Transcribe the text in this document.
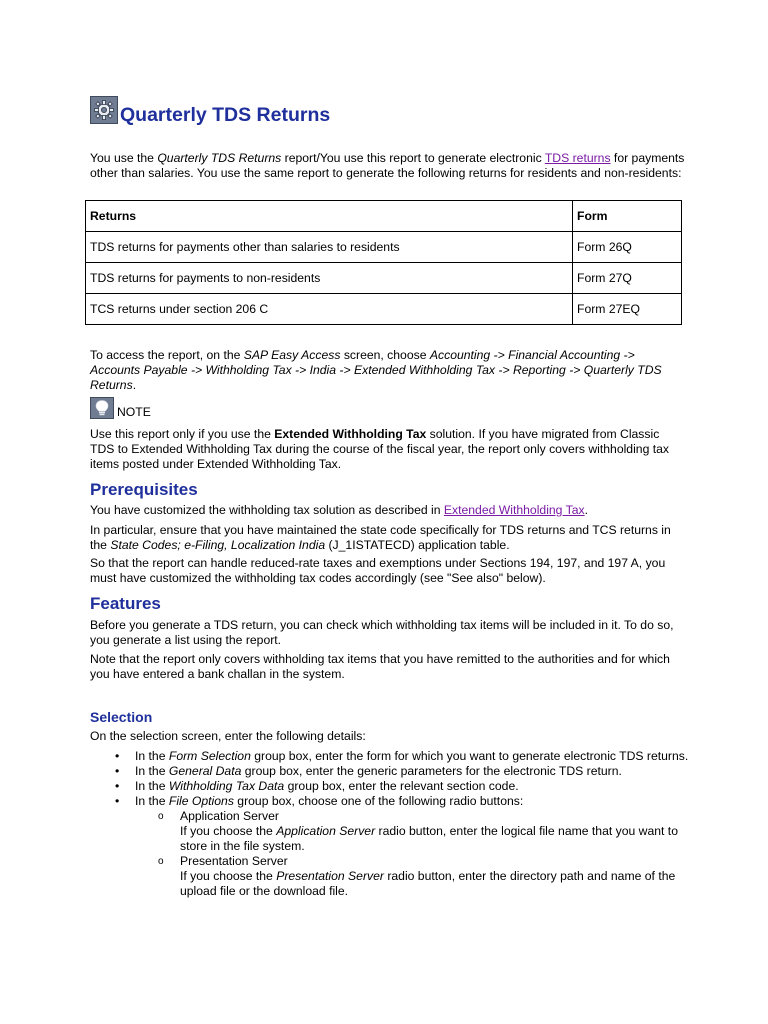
Quarterly TDS Returns

You use the Quarterly TDS Returns report/You use this report to generate electronic TDS returns for payments other than salaries. You use the same report to generate the following returns for residents and non-residents:

Returns	Form
TDS returns for payments other than salaries to residents	Form 26Q
TDS returns for payments to non-residents	Form 27Q
TCS returns under section 206 C	Form 27EQ

To access the report, on the SAP Easy Access screen, choose Accounting -> Financial Accounting -> Accounts Payable -> Withholding Tax -> India -> Extended Withholding Tax -> Reporting -> Quarterly TDS Returns.

NOTE

Use this report only if you use the Extended Withholding Tax solution. If you have migrated from Classic TDS to Extended Withholding Tax during the course of the fiscal year, the report only covers withholding tax items posted under Extended Withholding Tax.

Prerequisites

You have customized the withholding tax solution as described in Extended Withholding Tax.

In particular, ensure that you have maintained the state code specifically for TDS returns and TCS returns in the State Codes; e-Filing, Localization India (J_1ISTATECD) application table.

So that the report can handle reduced-rate taxes and exemptions under Sections 194, 197, and 197 A, you must have customized the withholding tax codes accordingly (see "See also" below).

Features

Before you generate a TDS return, you can check which withholding tax items will be included in it. To do so, you generate a list using the report.

Note that the report only covers withholding tax items that you have remitted to the authorities and for which you have entered a bank challan in the system.

Selection

On the selection screen, enter the following details:

• In the Form Selection group box, enter the form for which you want to generate electronic TDS returns.
• In the General Data group box, enter the generic parameters for the electronic TDS return.
• In the Withholding Tax Data group box, enter the relevant section code.
• In the File Options group box, choose one of the following radio buttons:
o Application Server
If you choose the Application Server radio button, enter the logical file name that you want to store in the file system.
o Presentation Server
If you choose the Presentation Server radio button, enter the directory path and name of the upload file or the download file.
